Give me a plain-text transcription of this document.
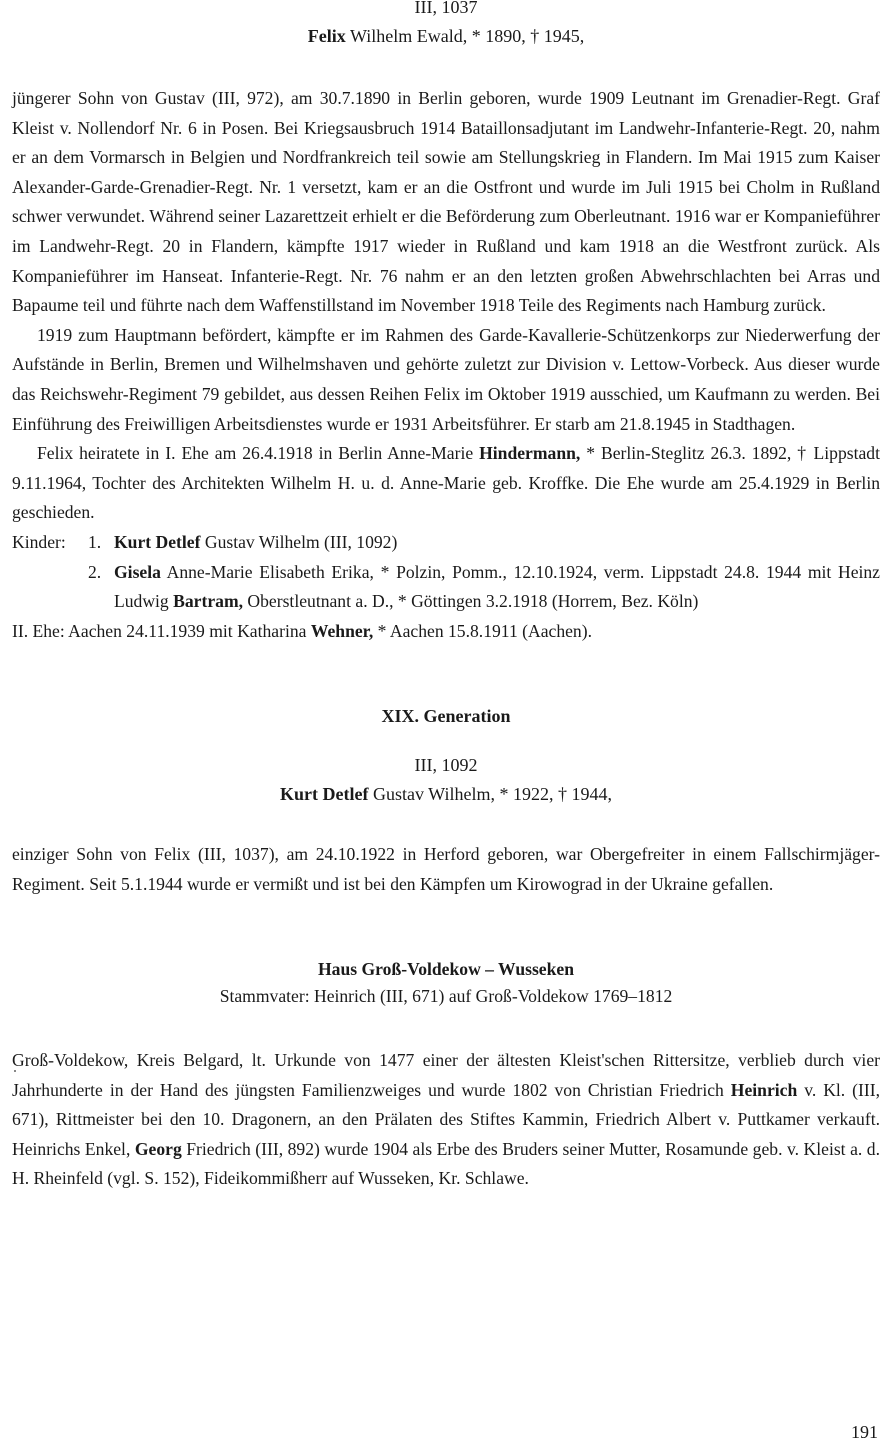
III, 1037
Felix Wilhelm Ewald, * 1890, † 1945,

jüngerer Sohn von Gustav (III, 972), am 30.7.1890 in Berlin geboren, wurde 1909 Leutnant im Grenadier-Regt. Graf Kleist v. Nollendorf Nr. 6 in Posen. Bei Kriegsausbruch 1914 Bataillonsadjutant im Landwehr-Infanterie-Regt. 20, nahm er an dem Vormarsch in Belgien und Nordfrankreich teil sowie am Stellungskrieg in Flandern. Im Mai 1915 zum Kaiser Alexander-Garde-Grenadier-Regt. Nr. 1 versetzt, kam er an die Ostfront und wurde im Juli 1915 bei Cholm in Rußland schwer verwundet. Während seiner Lazarettzeit erhielt er die Beförderung zum Oberleutnant. 1916 war er Kompanieführer im Landwehr-Regt. 20 in Flandern, kämpfte 1917 wieder in Rußland und kam 1918 an die Westfront zurück. Als Kompanieführer im Hanseat. Infanterie-Regt. Nr. 76 nahm er an den letzten großen Abwehrschlachten bei Arras und Bapaume teil und führte nach dem Waffenstillstand im November 1918 Teile des Regiments nach Hamburg zurück.

1919 zum Hauptmann befördert, kämpfte er im Rahmen des Garde-Kavallerie-Schützenkorps zur Niederwerfung der Aufstände in Berlin, Bremen und Wilhelmshaven und gehörte zuletzt zur Division v. Lettow-Vorbeck. Aus dieser wurde das Reichswehr-Regiment 79 gebildet, aus dessen Reihen Felix im Oktober 1919 ausschied, um Kaufmann zu werden. Bei Einführung des Freiwilligen Arbeitsdienstes wurde er 1931 Arbeitsführer. Er starb am 21.8.1945 in Stadthagen.

Felix heiratete in I. Ehe am 26.4.1918 in Berlin Anne-Marie Hindermann, * Berlin-Steglitz 26.3. 1892, † Lippstadt 9.11.1964, Tochter des Architekten Wilhelm H. u. d. Anne-Marie geb. Kroffke. Die Ehe wurde am 25.4.1929 in Berlin geschieden.

Kinder:	1. Kurt Detlef Gustav Wilhelm (III, 1092)
2. Gisela Anne-Marie Elisabeth Erika, * Polzin, Pomm., 12.10.1924, verm. Lippstadt 24.8. 1944 mit Heinz Ludwig Bartram, Oberstleutnant a. D., * Göttingen 3.2.1918 (Horrem, Bez. Köln)

II. Ehe: Aachen 24.11.1939 mit Katharina Wehner, * Aachen 15.8.1911 (Aachen).

XIX. Generation
III, 1092
Kurt Detlef Gustav Wilhelm, * 1922, † 1944,

einziger Sohn von Felix (III, 1037), am 24.10.1922 in Herford geboren, war Obergefreiter in einem Fallschirmjäger-Regiment. Seit 5.1.1944 wurde er vermißt und ist bei den Kämpfen um Kirowograd in der Ukraine gefallen.

Haus Groß-Voldekow – Wusseken
Stammvater: Heinrich (III, 671) auf Groß-Voldekow 1769–1812

Groß-Voldekow, Kreis Belgard, lt. Urkunde von 1477 einer der ältesten Kleist'schen Rittersitze, verblieb durch vier Jahrhunderte in der Hand des jüngsten Familienzweiges und wurde 1802 von Christian Friedrich Heinrich v. Kl. (III, 671), Rittmeister bei den 10. Dragonern, an den Prälaten des Stiftes Kammin, Friedrich Albert v. Puttkamer verkauft. Heinrichs Enkel, Georg Friedrich (III, 892) wurde 1904 als Erbe des Bruders seiner Mutter, Rosamunde geb. v. Kleist a. d. H. Rheinfeld (vgl. S. 152), Fideikommißherr auf Wusseken, Kr. Schlawe.

191
